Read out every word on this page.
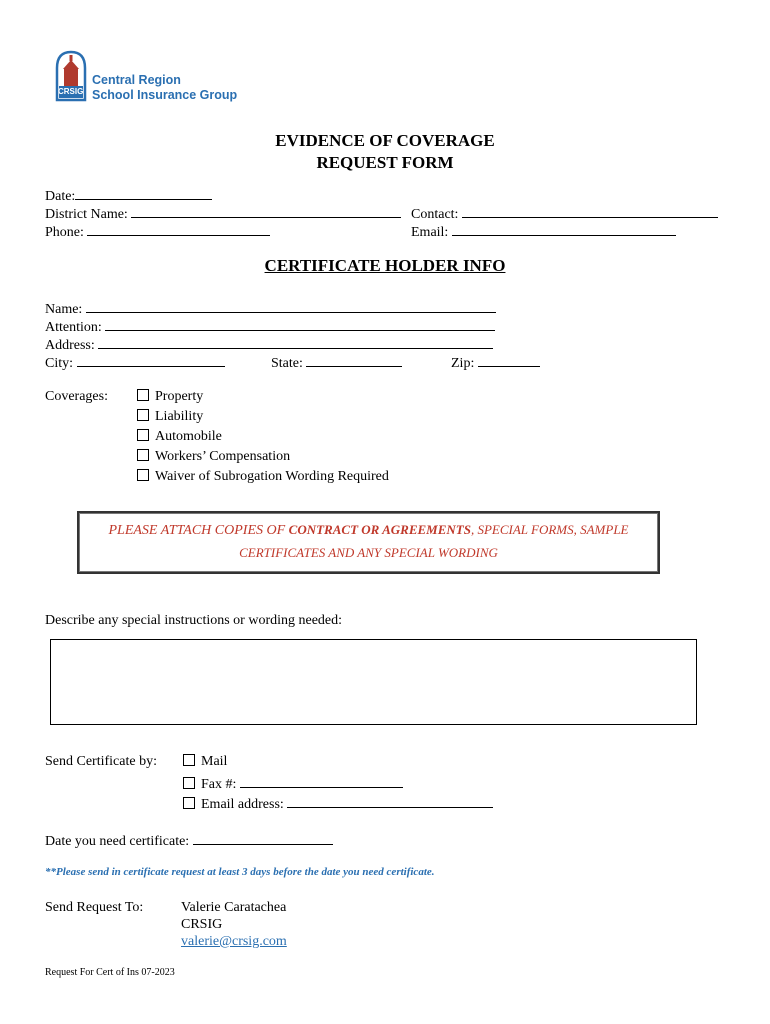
CRSIG
Central Region
School Insurance Group
EVIDENCE OF COVERAGE
REQUEST FORM
Date:
District Name:	Contact:
Phone:	Email:
CERTIFICATE HOLDER INFO
Name:
Attention:
Address:
City:	State:	Zip:
Coverages:	Property
Liability
Automobile
Workers’ Compensation
Waiver of Subrogation Wording Required
PLEASE ATTACH COPIES OF CONTRACT OR AGREEMENTS, SPECIAL FORMS, SAMPLE
CERTIFICATES AND ANY SPECIAL WORDING
Describe any special instructions or wording needed:
Send Certificate by:	Mail
Fax #:
Email address:
Date you need certificate:
**Please send in certificate request at least 3 days before the date you need certificate.
Send Request To:	Valerie Caratachea
CRSIG
valerie@crsig.com
Request For Cert of Ins 07-2023
